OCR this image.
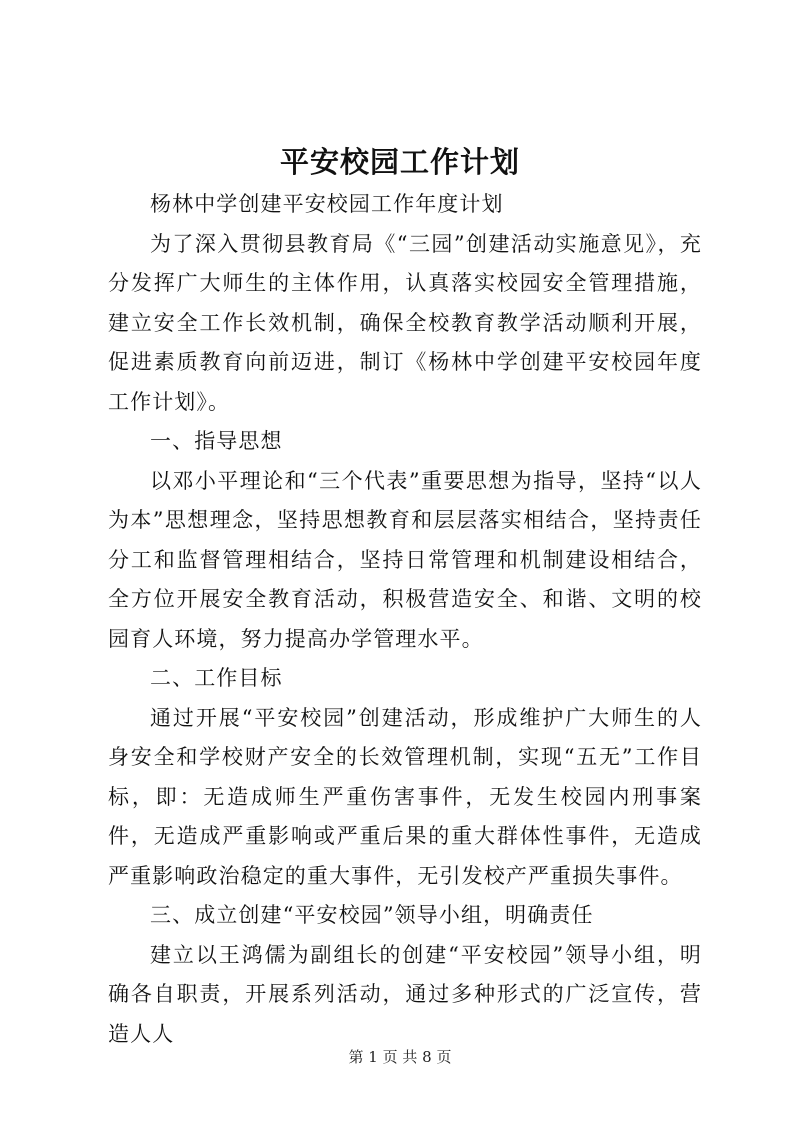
平安校园工作计划

杨林中学创建平安校园工作年度计划

为了深入贯彻县教育局《“三园”创建活动实施意见》，充分发挥广大师生的主体作用，认真落实校园安全管理措施，建立安全工作长效机制，确保全校教育教学活动顺利开展，促进素质教育向前迈进，制订《杨林中学创建平安校园年度工作计划》。

一、指导思想

以邓小平理论和“三个代表”重要思想为指导，坚持“以人为本”思想理念，坚持思想教育和层层落实相结合，坚持责任分工和监督管理相结合，坚持日常管理和机制建设相结合，全方位开展安全教育活动，积极营造安全、和谐、文明的校园育人环境，努力提高办学管理水平。

二、工作目标

通过开展“平安校园”创建活动，形成维护广大师生的人身安全和学校财产安全的长效管理机制，实现“五无”工作目标，即：无造成师生严重伤害事件，无发生校园内刑事案件，无造成严重影响或严重后果的重大群体性事件，无造成严重影响政治稳定的重大事件，无引发校产严重损失事件。

三、成立创建“平安校园”领导小组，明确责任

建立以王鸿儒为副组长的创建“平安校园”领导小组，明确各自职责，开展系列活动，通过多种形式的广泛宣传，营造人人

第 1 页 共 8 页
